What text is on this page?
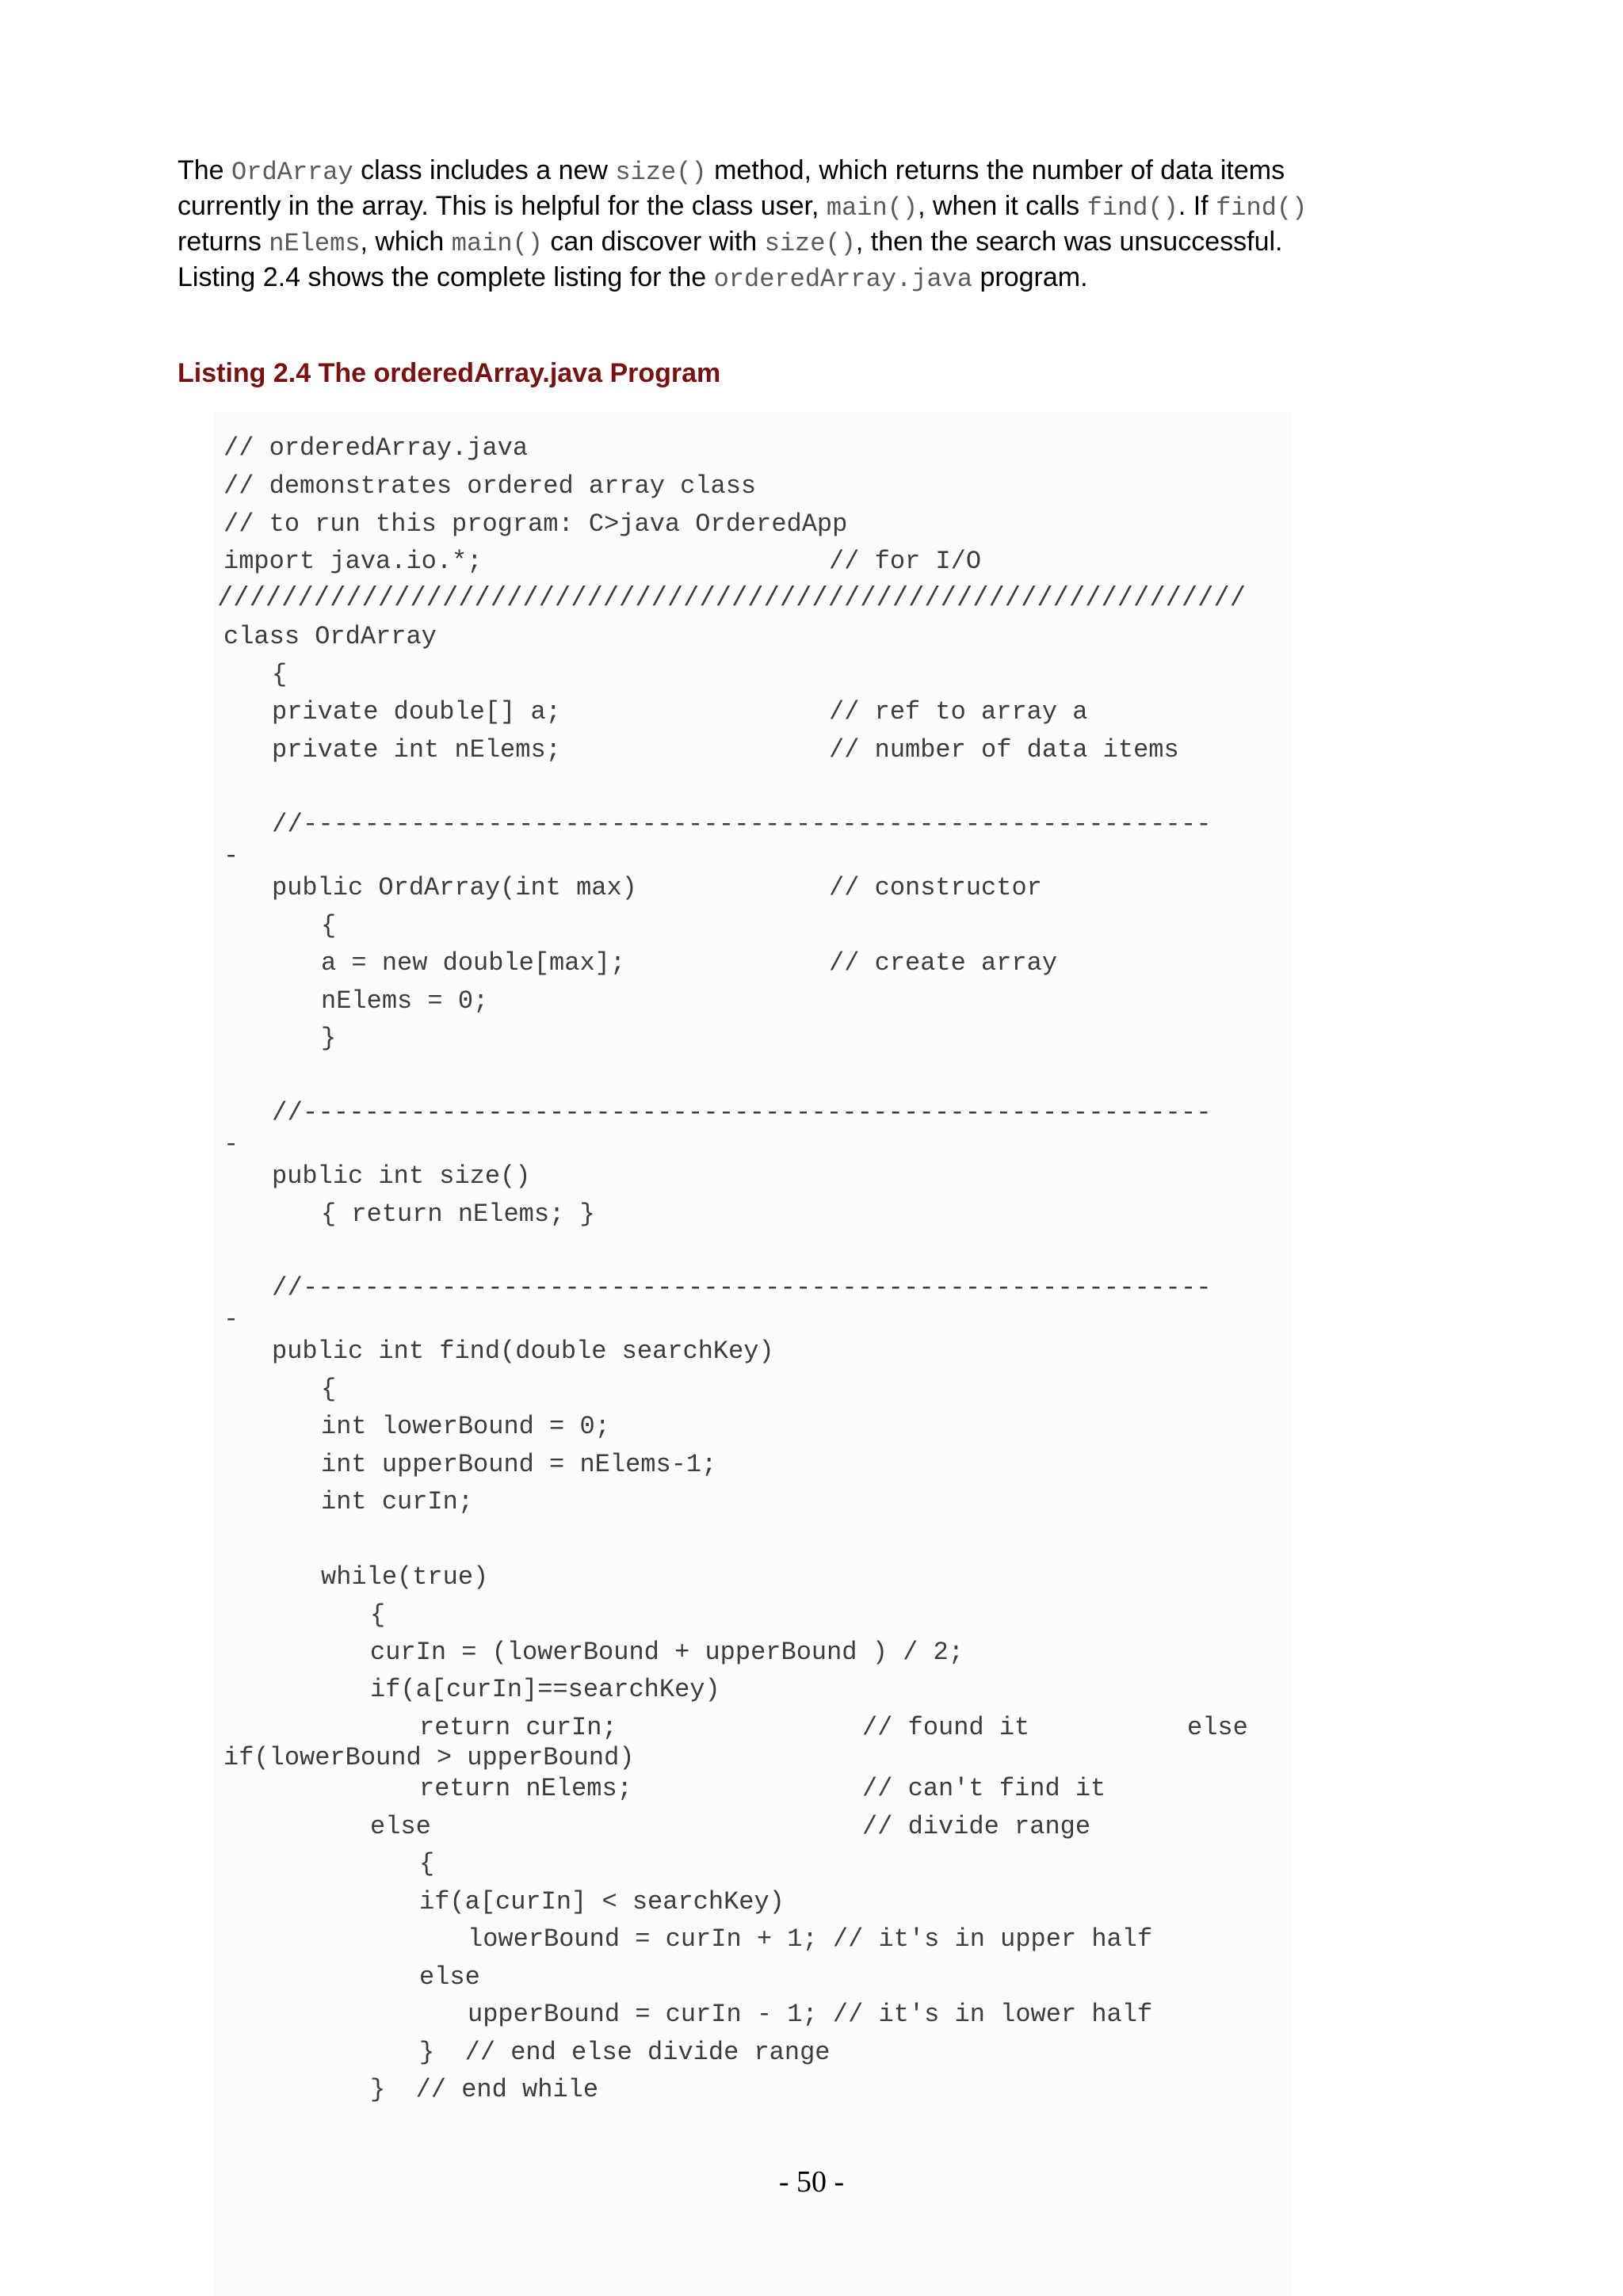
The OrdArray class includes a new size() method, which returns the number of data items currently in the array. This is helpful for the class user, main(), when it calls find(). If find() returns nElems, which main() can discover with size(), then the search was unsuccessful. Listing 2.4 shows the complete listing for the orderedArray.java program.
Listing 2.4 The orderedArray.java Program

// orderedArray.java

// demonstrates ordered array class

// to run this program: C>java OrderedApp

import java.io.*;

	// for I/O

////////////////////////////////////////////////////////////////

class OrdArray

{

private double[] a;

	// ref to array a

private int nElems;

	// number of data items

//-----------------------------------------------------------

-

public OrdArray(int max)

	// constructor

{

a = new double[max];

	// create array

nElems = 0;

}

//-----------------------------------------------------------

-

public int size()

{ return nElems; }

//-----------------------------------------------------------

-

public int find(double searchKey)

{

int lowerBound = 0;

int upperBound = nElems-1;

int curIn;

while(true)

{

curIn = (lowerBound + upperBound ) / 2;

if(a[curIn]==searchKey)

return curIn;

	// found it

	else

if(lowerBound > upperBound)

return nElems;

	// can't find it

else

	// divide range

{

if(a[curIn] < searchKey)

lowerBound = curIn + 1; // it's in upper half

else

upperBound = curIn - 1; // it's in lower half

}  // end else divide range

}  // end while

- 50 -
